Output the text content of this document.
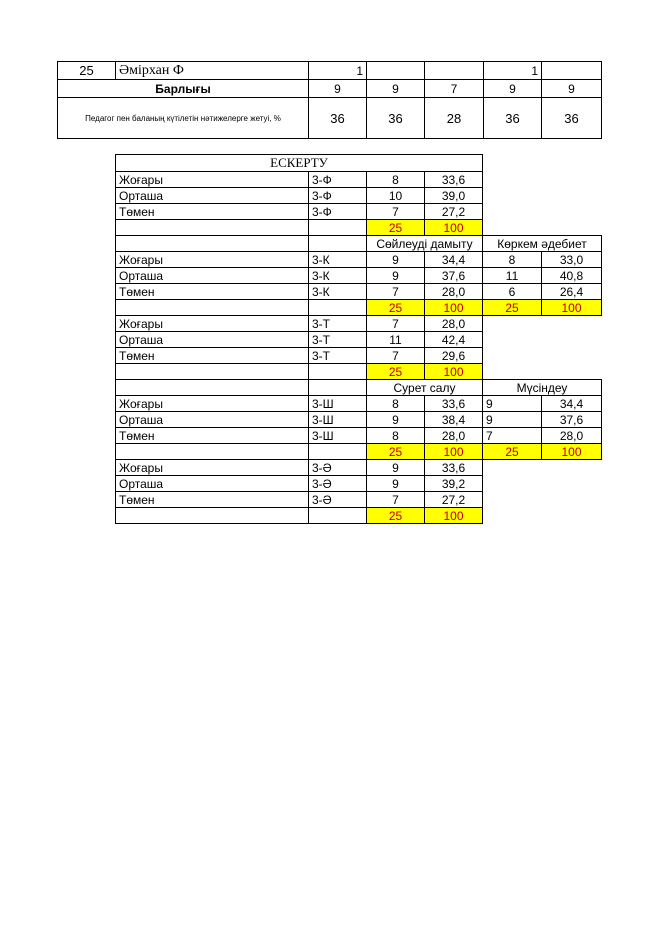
25	Әмірхан Ф	1			1	
Барлығы		9	9	7	9	9
Педагог пен баланың күтілетін нәтижелерге жетуі, %		36	36	28	36	36
ЕСКЕРТУ					
Жоғары	3-Ф	8	33,6		
Орташа	3-Ф	10	39,0		
Төмен	3-Ф	7	27,2		
		25	100		
		Сөйлеуді дамыту		Көркем әдебиет	
Жоғары	3-К	9	34,4	8	33,0
Орташа	3-К	9	37,6	11	40,8
Төмен	3-К	7	28,0	6	26,4
		25	100	25	100
Жоғары	3-Т	7	28,0		
Орташа	3-Т	11	42,4		
Төмен	3-Т	7	29,6		
		25	100		
		Сурет салу		Мүсіндеу	
Жоғары	3-Ш	8	33,6	9	34,4
Орташа	3-Ш	9	38,4	9	37,6
Төмен	3-Ш	8	28,0	7	28,0
		25	100	25	100
Жоғары	3-Ә	9	33,6		
Орташа	3-Ә	9	39,2		
Төмен	3-Ә	7	27,2		
		25	100		
